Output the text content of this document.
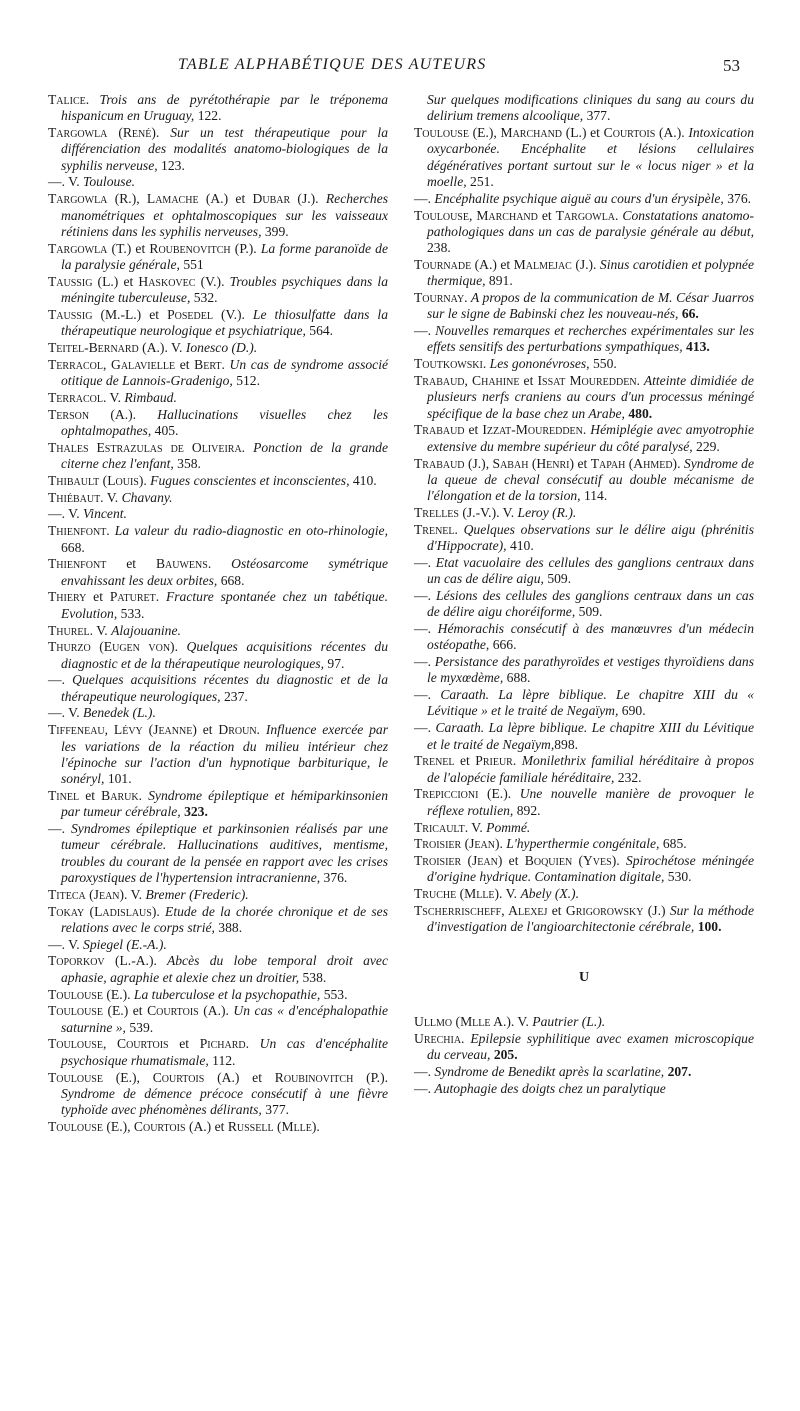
TABLE ALPHABÉTIQUE DES AUTEURS	53

Talice. Trois ans de pyrétothérapie par le tréponema hispanicum en Uruguay, 122.

Targowla (René). Sur un test thérapeutique pour la différenciation des modalités anatomo-biologiques de la syphilis nerveuse, 123.

—. V. Toulouse.

Targowla (R.), Lamache (A.) et Dubar (J.). Recherches manométriques et ophtalmoscopiques sur les vaisseaux rétiniens dans les syphilis nerveuses, 399.

Targowla (T.) et Roubenovitch (P.). La forme paranoïde de la paralysie générale, 551

Taussig (L.) et Haskovec (V.). Troubles psychiques dans la méningite tuberculeuse, 532.

Taussig (M.-L.) et Posedel (V.). Le thiosulfatte dans la thérapeutique neurologique et psychiatrique, 564.

Teitel-Bernard (A.). V. Ionesco (D.).

Terracol, Galavielle et Bert. Un cas de syndrome associé otitique de Lannois-Gradenigo, 512.

Terracol. V. Rimbaud.

Terson (A.). Hallucinations visuelles chez les ophtalmopathes, 405.

Thales Estrazulas de Oliveira. Ponction de la grande citerne chez l'enfant, 358.

Thibault (Louis). Fugues conscientes et inconscientes, 410.

Thiébaut. V. Chavany.

—. V. Vincent.

Thienfont. La valeur du radio-diagnostic en oto-rhinologie, 668.

Thienfont et Bauwens. Ostéosarcome symétrique envahissant les deux orbites, 668.

Thiery et Paturet. Fracture spontanée chez un tabétique. Evolution, 533.

Thurel. V. Alajouanine.

Thurzo (Eugen von). Quelques acquisitions récentes du diagnostic et de la thérapeutique neurologiques, 97.

—. Quelques acquisitions récentes du diagnostic et de la thérapeutique neurologiques, 237.

—. V. Benedek (L.).

Tiffeneau, Lévy (Jeanne) et Droun. Influence exercée par les variations de la réaction du milieu intérieur chez l'épinoche sur l'action d'un hypnotique barbiturique, le sonéryl, 101.

Tinel et Baruk. Syndrome épileptique et hémiparkinsonien par tumeur cérébrale, 323.

—. Syndromes épileptique et parkinsonien réalisés par une tumeur cérébrale. Hallucinations auditives, mentisme, troubles du courant de la pensée en rapport avec les crises paroxystiques de l'hypertension intracranienne, 376.

Titeca (Jean). V. Bremer (Frederic).

Tokay (Ladislaus). Etude de la chorée chronique et de ses relations avec le corps strié, 388.

—. V. Spiegel (E.-A.).

Toporkov (L.-A.). Abcès du lobe temporal droit avec aphasie, agraphie et alexie chez un droitier, 538.

Toulouse (E.). La tuberculose et la psychopathie, 553.

Toulouse (E.) et Courtois (A.). Un cas « d'encéphalopathie saturnine », 539.

Toulouse, Courtois et Pichard. Un cas d'encéphalite psychosique rhumatismale, 112.

Toulouse (E.), Courtois (A.) et Roubinovitch (P.). Syndrome de démence précoce consécutif à une fièvre typhoïde avec phénomènes délirants, 377.

Toulouse (E.), Courtois (A.) et Russell (Mlle).

Sur quelques modifications cliniques du sang au cours du delirium tremens alcoolique, 377.

Toulouse (E.), Marchand (L.) et Courtois (A.). Intoxication oxycarbonée. Encéphalite et lésions cellulaires dégénératives portant surtout sur le « locus niger » et la moelle, 251.

—. Encéphalite psychique aiguë au cours d'un érysipèle, 376.

Toulouse, Marchand et Targowla. Constatations anatomo-pathologiques dans un cas de paralysie générale au début, 238.

Tournade (A.) et Malmejac (J.). Sinus carotidien et polypnée thermique, 891.

Tournay. A propos de la communication de M. César Juarros sur le signe de Babinski chez les nouveau-nés, 66.

—. Nouvelles remarques et recherches expérimentales sur les effets sensitifs des perturbations sympathiques, 413.

Toutkowski. Les gononévroses, 550.

Trabaud, Chahine et Issat Mouredden. Atteinte dimidiée de plusieurs nerfs craniens au cours d'un processus méningé spécifique de la base chez un Arabe, 480.

Trabaud et Izzat-Mouredden. Hémiplégie avec amyotrophie extensive du membre supérieur du côté paralysé, 229.

Trabaud (J.), Sabah (Henri) et Tapah (Ahmed). Syndrome de la queue de cheval consécutif au double mécanisme de l'élongation et de la torsion, 114.

Trelles (J.-V.). V. Leroy (R.).

Trenel. Quelques observations sur le délire aigu (phrénitis d'Hippocrate), 410.

—. Etat vacuolaire des cellules des ganglions centraux dans un cas de délire aigu, 509.

—. Lésions des cellules des ganglions centraux dans un cas de délire aigu choréiforme, 509.

—. Hémorachis consécutif à des manœuvres d'un médecin ostéopathe, 666.

—. Persistance des parathyroïdes et vestiges thyroïdiens dans le myxœdème, 688.

—. Caraath. La lèpre biblique. Le chapitre XIII du « Lévitique » et le traité de Negaïym, 690.

—. Caraath. La lèpre biblique. Le chapitre XIII du Lévitique et le traité de Negaïym,898.

Trenel et Prieur. Monilethrix familial héréditaire à propos de l'alopécie familiale héréditaire, 232.

Trepiccioni (E.). Une nouvelle manière de provoquer le réflexe rotulien, 892.

Tricault. V. Pommé.

Troisier (Jean). L'hyperthermie congénitale, 685.

Troisier (Jean) et Boquien (Yves). Spirochétose méningée d'origine hydrique. Contamination digitale, 530.

Truche (Mlle). V. Abely (X.).

Tscherrischeff, Alexej et Grigorowsky (J.) Sur la méthode d'investigation de l'angioarchitectonie cérébrale, 100.

U

Ullmo (Mlle A.). V. Pautrier (L.).

Urechia. Epilepsie syphilitique avec examen microscopique du cerveau, 205.

—. Syndrome de Benedikt après la scarlatine, 207.

—. Autophagie des doigts chez un paralytique
